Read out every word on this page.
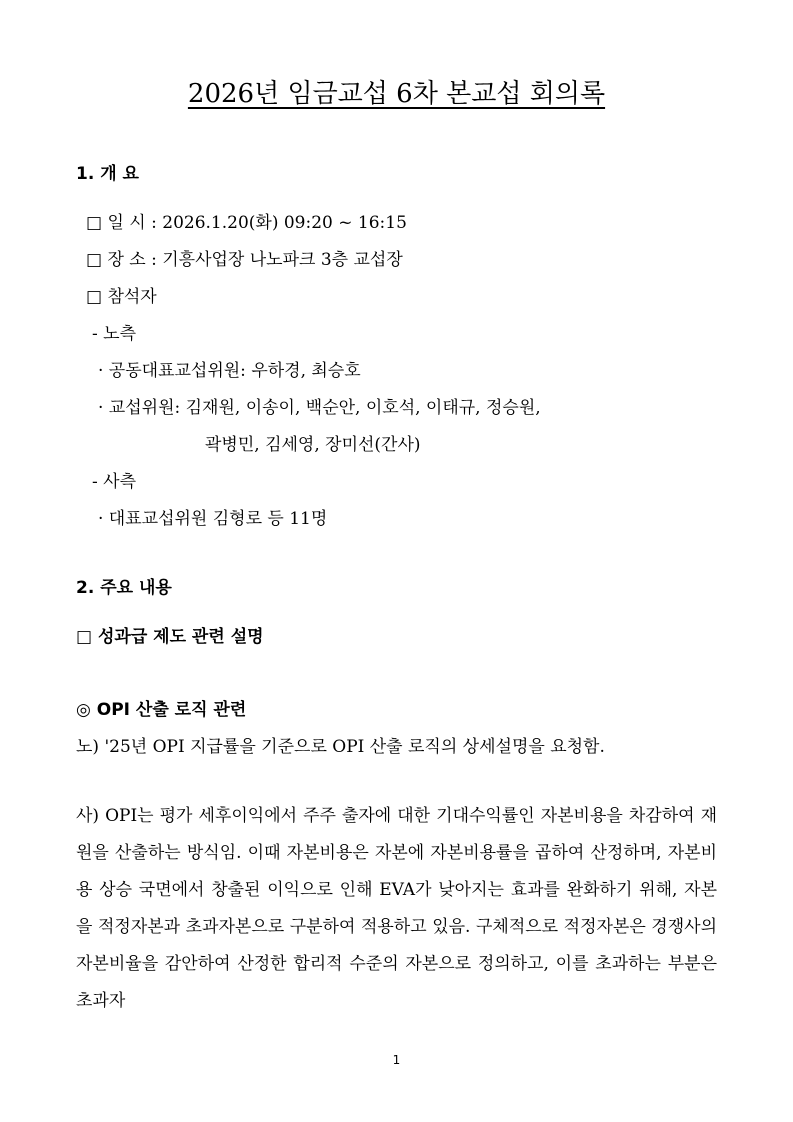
2026년 임금교섭 6차 본교섭 회의록
1. 개 요
□ 일 시 : 2026.1.20(화) 09:20 ~ 16:15
□ 장 소 : 기흥사업장 나노파크 3층 교섭장
□ 참석자
- 노측
· 공동대표교섭위원: 우하경, 최승호
· 교섭위원: 김재원, 이송이, 백순안, 이호석, 이태규, 정승원,
곽병민, 김세영, 장미선(간사)
- 사측
· 대표교섭위원 김형로 등 11명
2. 주요 내용
□ 성과급 제도 관련 설명
◎ OPI 산출 로직 관련
노) '25년 OPI 지급률을 기준으로 OPI 산출 로직의 상세설명을 요청함.

사) OPI는 평가 세후이익에서 주주 출자에 대한 기대수익률인 자본비용을 차감하여 재원을 산출하는 방식임. 이때 자본비용은 자본에 자본비용률을 곱하여 산정하며, 자본비용 상승 국면에서 창출된 이익으로 인해 EVA가 낮아지는 효과를 완화하기 위해, 자본을 적정자본과 초과자본으로 구분하여 적용하고 있음. 구체적으로 적정자본은 경쟁사의 자본비율을 감안하여 산정한 합리적 수준의 자본으로 정의하고, 이를 초과하는 부분은 초과자

1
